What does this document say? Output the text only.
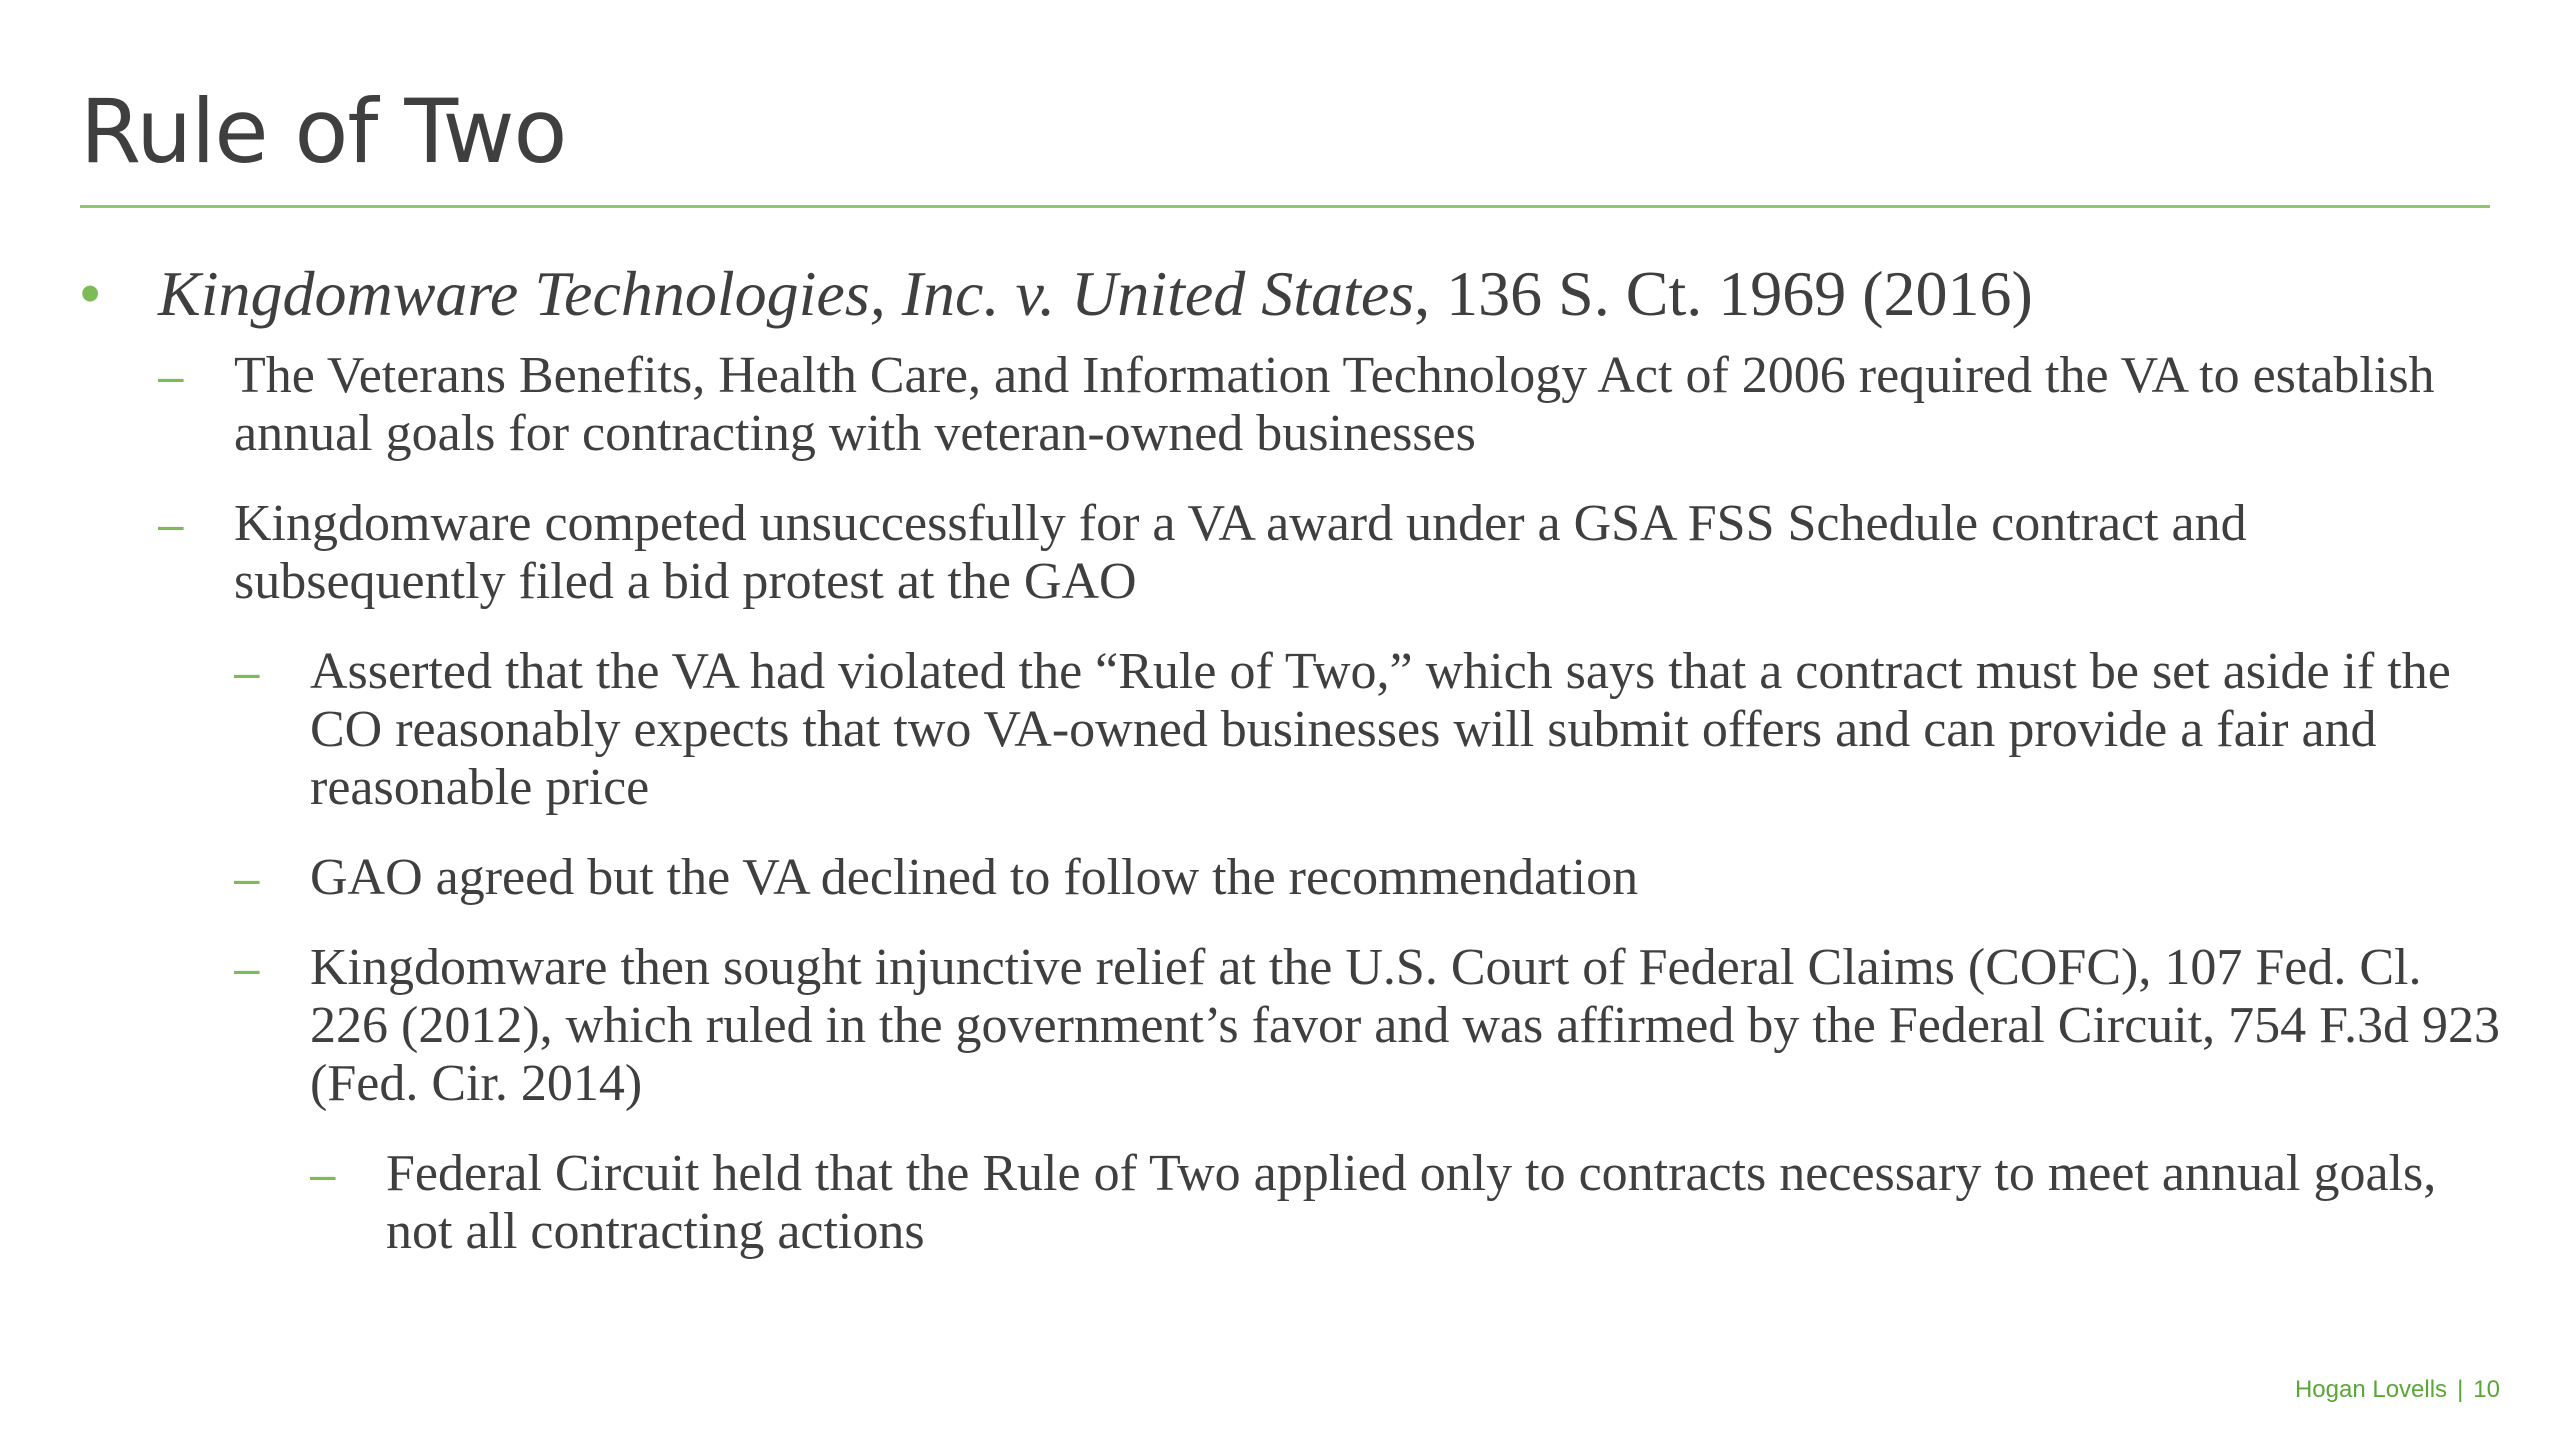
Rule of Two
• Kingdomware Technologies, Inc. v. United States, 136 S. Ct. 1969 (2016)
– The Veterans Benefits, Health Care, and Information Technology Act of 2006 required the VA to establish annual goals for contracting with veteran-owned businesses
– Kingdomware competed unsuccessfully for a VA award under a GSA FSS Schedule contract and subsequently filed a bid protest at the GAO
– Asserted that the VA had violated the “Rule of Two,” which says that a contract must be set aside if the CO reasonably expects that two VA-owned businesses will submit offers and can provide a fair and reasonable price
– GAO agreed but the VA declined to follow the recommendation
– Kingdomware then sought injunctive relief at the U.S. Court of Federal Claims (COFC), 107 Fed. Cl. 226 (2012), which ruled in the government’s favor and was affirmed by the Federal Circuit, 754 F.3d 923 (Fed. Cir. 2014)
– Federal Circuit held that the Rule of Two applied only to contracts necessary to meet annual goals, not all contracting actions
Hogan Lovells | 10
